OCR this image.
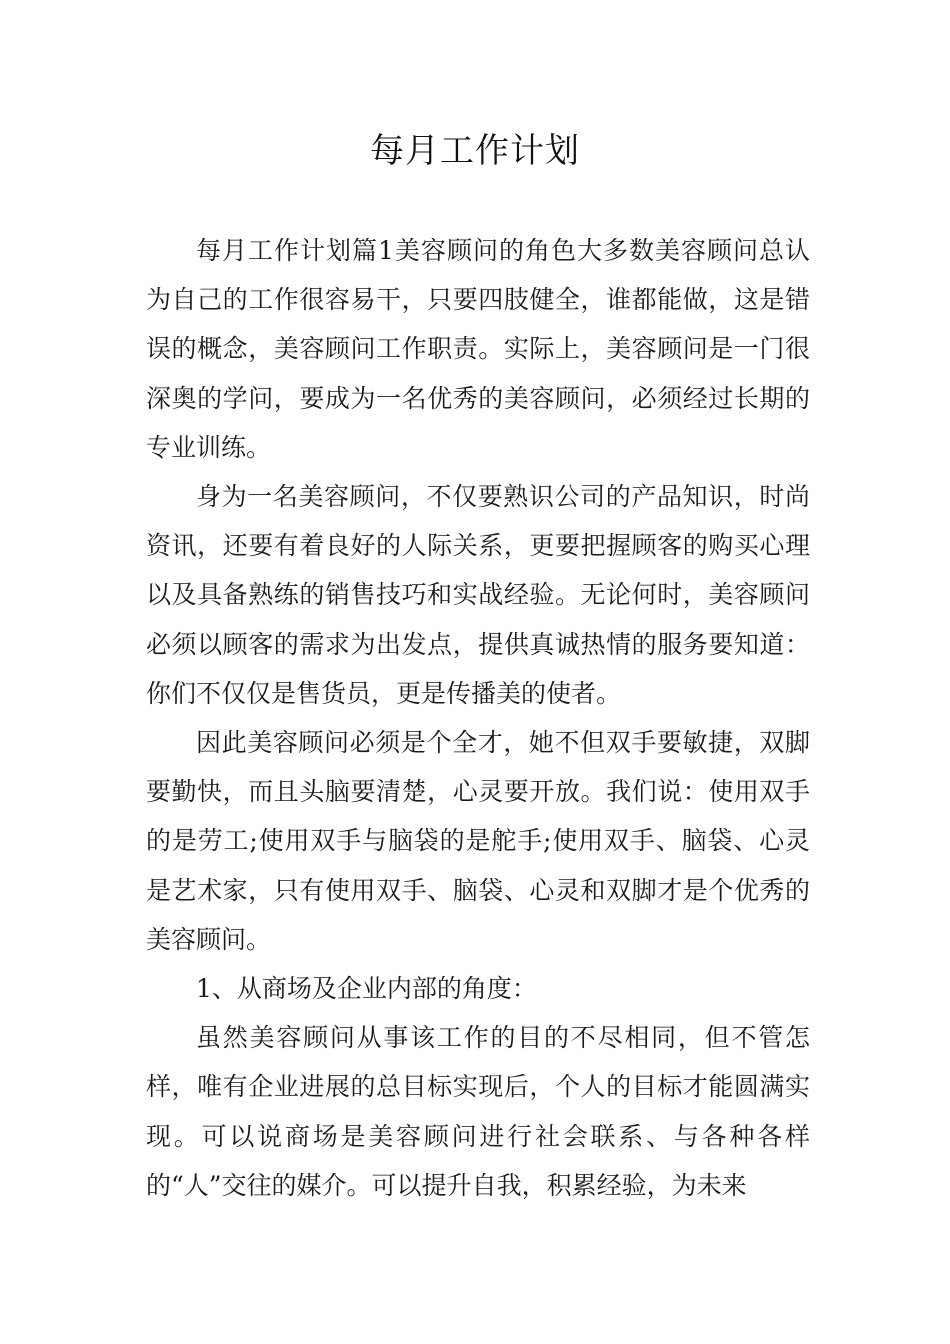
每月工作计划

每月工作计划篇1美容顾问的角色大多数美容顾问总认为自己的工作很容易干，只要四肢健全，谁都能做，这是错误的概念，美容顾问工作职责。实际上，美容顾问是一门很深奥的学问，要成为一名优秀的美容顾问，必须经过长期的专业训练。

身为一名美容顾问，不仅要熟识公司的产品知识，时尚资讯，还要有着良好的人际关系，更要把握顾客的购买心理以及具备熟练的销售技巧和实战经验。无论何时，美容顾问必须以顾客的需求为出发点，提供真诚热情的服务要知道：你们不仅仅是售货员，更是传播美的使者。

因此美容顾问必须是个全才，她不但双手要敏捷，双脚要勤快，而且头脑要清楚，心灵要开放。我们说：使用双手的是劳工;使用双手与脑袋的是舵手;使用双手、脑袋、心灵是艺术家，只有使用双手、脑袋、心灵和双脚才是个优秀的美容顾问。

1、从商场及企业内部的角度：

虽然美容顾问从事该工作的目的不尽相同，但不管怎样，唯有企业进展的总目标实现后，个人的目标才能圆满实现。可以说商场是美容顾问进行社会联系、与各种各样的“人”交往的媒介。可以提升自我，积累经验，为未来
